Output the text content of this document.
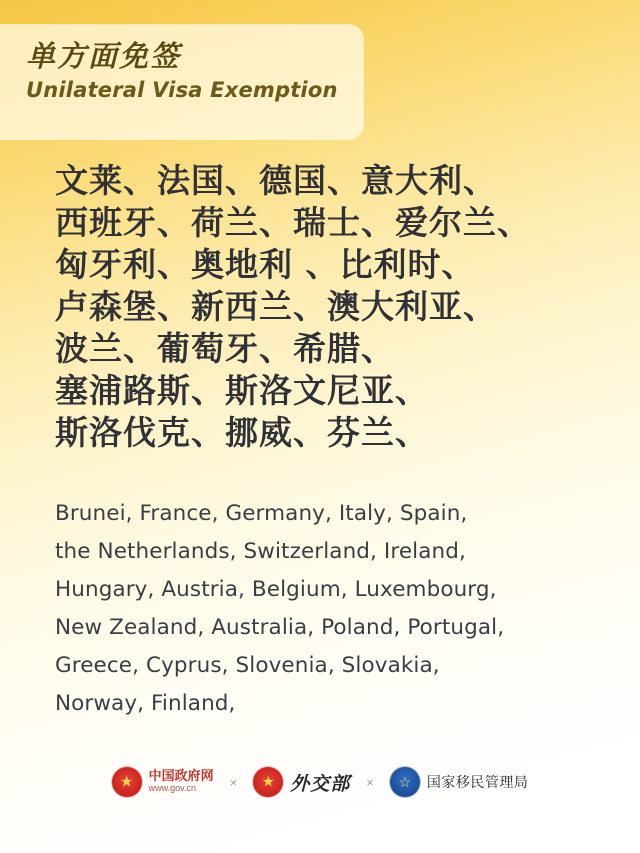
单方面免签
Unilateral Visa Exemption
文莱、法国、德国、意大利、
西班牙、荷兰、瑞士、爱尔兰、
匈牙利、奥地利 、比利时、
卢森堡、新西兰、澳大利亚、
波兰、葡萄牙、希腊、
塞浦路斯、斯洛文尼亚、
斯洛伐克、挪威、芬兰、
Brunei, France, Germany, Italy, Spain,
the Netherlands, Switzerland, Ireland,
Hungary, Austria, Belgium, Luxembourg,
New Zealand, Australia, Poland, Portugal,
Greece, Cyprus, Slovenia, Slovakia,
Norway, Finland,
★
中国政府网
www.gov.cn	× ★	外交部 × ☆	国家移民管理局
